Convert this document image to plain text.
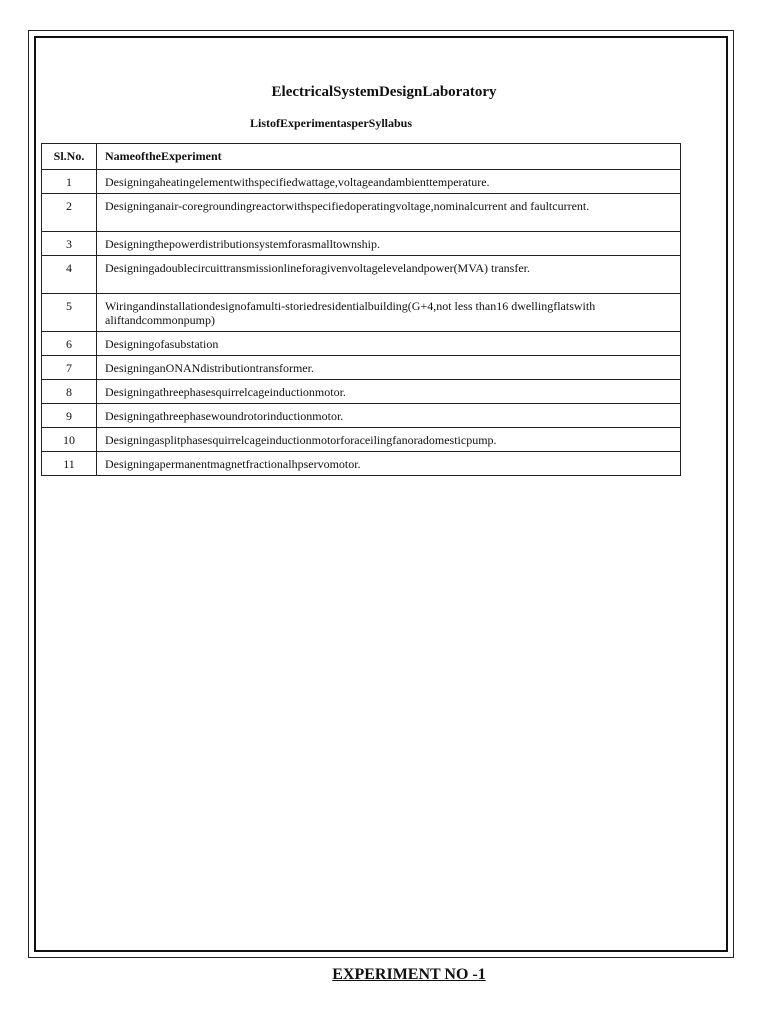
ElectricalSystemDesignLaboratory
ListofExperimentasperSyllabus
Sl.No.	NameoftheExperiment
1	Designingaheatingelementwithspecifiedwattage,voltageandambienttemperature.
2	Designinganair-coregroundingreactorwithspecifiedoperatingvoltage,nominalcurrent and faultcurrent.
3	Designingthepowerdistributionsystemforasmalltownship.
4	Designingadoublecircuittransmissionlineforagivenvoltagelevelandpower(MVA) transfer.
5	Wiringandinstallationdesignofamulti-storiedresidentialbuilding(G+4,not less than16 dwellingflatswith aliftandcommonpump)
6	Designingofasubstation
7	DesigninganONANdistributiontransformer.
8	Designingathreephasesquirrelcageinductionmotor.
9	Designingathreephasewoundrotorinductionmotor.
10	Designingasplitphasesquirrelcageinductionmotorforaceilingfanoradomesticpump.
11	Designingapermanentmagnetfractionalhpservomotor.
EXPERIMENT NO -1
